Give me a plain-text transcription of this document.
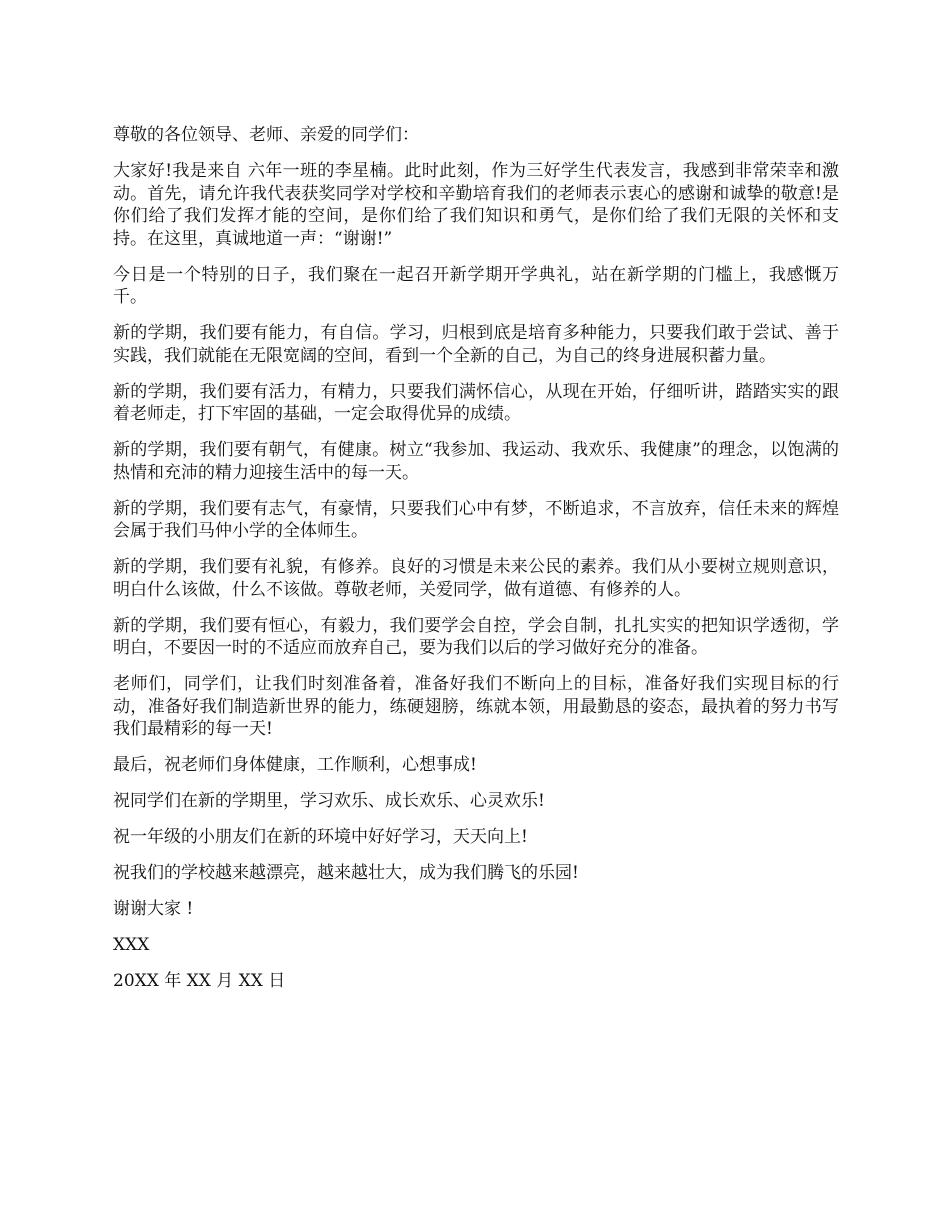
尊敬的各位领导、老师、亲爱的同学们：

大家好!我是来自 六年一班的李星楠。此时此刻，作为三好学生代表发言，我感到非常荣幸和激动。首先，请允许我代表获奖同学对学校和辛勤培育我们的老师表示衷心的感谢和诚挚的敬意!是你们给了我们发挥才能的空间，是你们给了我们知识和勇气，是你们给了我们无限的关怀和支持。在这里，真诚地道一声：“谢谢!”

今日是一个特别的日子，我们聚在一起召开新学期开学典礼，站在新学期的门槛上，我感慨万千。

新的学期，我们要有能力，有自信。学习，归根到底是培育多种能力，只要我们敢于尝试、善于实践，我们就能在无限宽阔的空间，看到一个全新的自己，为自己的终身进展积蓄力量。

新的学期，我们要有活力，有精力，只要我们满怀信心，从现在开始，仔细听讲，踏踏实实的跟着老师走，打下牢固的基础，一定会取得优异的成绩。

新的学期，我们要有朝气，有健康。树立“我参加、我运动、我欢乐、我健康”的理念，以饱满的热情和充沛的精力迎接生活中的每一天。

新的学期，我们要有志气，有豪情，只要我们心中有梦，不断追求，不言放弃，信任未来的辉煌会属于我们马仲小学的全体师生。

新的学期，我们要有礼貌，有修养。良好的习惯是未来公民的素养。我们从小要树立规则意识，明白什么该做，什么不该做。尊敬老师，关爱同学，做有道德、有修养的人。

新的学期，我们要有恒心，有毅力，我们要学会自控，学会自制，扎扎实实的把知识学透彻，学明白，不要因一时的不适应而放弃自己，要为我们以后的学习做好充分的准备。

老师们，同学们，让我们时刻准备着，准备好我们不断向上的目标，准备好我们实现目标的行动，准备好我们制造新世界的能力，练硬翅膀，练就本领，用最勤恳的姿态，最执着的努力书写我们最精彩的每一天!

最后，祝老师们身体健康，工作顺利，心想事成!

祝同学们在新的学期里，学习欢乐、成长欢乐、心灵欢乐!

祝一年级的小朋友们在新的环境中好好学习，天天向上!

祝我们的学校越来越漂亮，越来越壮大，成为我们腾飞的乐园!

谢谢大家 !

XXX

20XX 年 XX 月 XX 日
